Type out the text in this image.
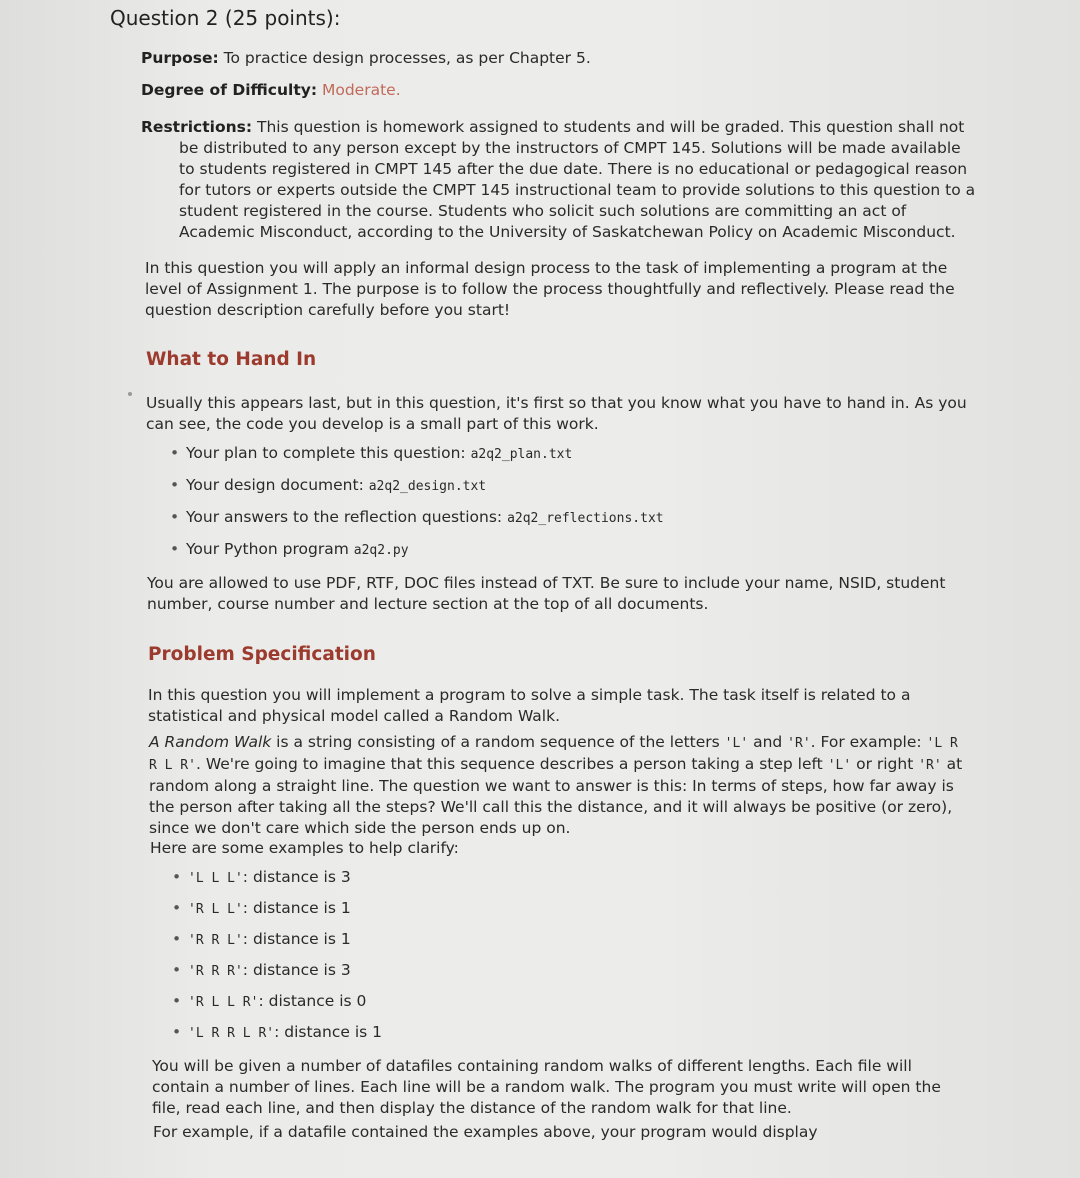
Question 2 (25 points):
Purpose: To practice design processes, as per Chapter 5.
Degree of Difficulty: Moderate.
Restrictions: This question is homework assigned to students and will be graded. This question shall not be distributed to any person except by the instructors of CMPT 145. Solutions will be made available to students registered in CMPT 145 after the due date. There is no educational or pedagogical reason for tutors or experts outside the CMPT 145 instructional team to provide solutions to this question to a student registered in the course. Students who solicit such solutions are committing an act of Academic Misconduct, according to the University of Saskatchewan Policy on Academic Misconduct.
In this question you will apply an informal design process to the task of implementing a program at the level of Assignment 1. The purpose is to follow the process thoughtfully and reflectively. Please read the question description carefully before you start!
What to Hand In
Usually this appears last, but in this question, it's first so that you know what you have to hand in. As you can see, the code you develop is a small part of this work.
• Your plan to complete this question: a2q2_plan.txt
• Your design document: a2q2_design.txt
• Your answers to the reflection questions: a2q2_reflections.txt
• Your Python program a2q2.py
You are allowed to use PDF, RTF, DOC files instead of TXT. Be sure to include your name, NSID, student number, course number and lecture section at the top of all documents.
Problem Specification
In this question you will implement a program to solve a simple task. The task itself is related to a statistical and physical model called a Random Walk.
A Random Walk is a string consisting of a random sequence of the letters 'L' and 'R'. For example: 'L R R L R'. We're going to imagine that this sequence describes a person taking a step left 'L' or right 'R' at random along a straight line. The question we want to answer is this: In terms of steps, how far away is the person after taking all the steps? We'll call this the distance, and it will always be positive (or zero), since we don't care which side the person ends up on.
Here are some examples to help clarify:
• 'L L L': distance is 3
• 'R L L': distance is 1
• 'R R L': distance is 1
• 'R R R': distance is 3
• 'R L L R': distance is 0
• 'L R R L R': distance is 1
You will be given a number of datafiles containing random walks of different lengths. Each file will contain a number of lines. Each line will be a random walk. The program you must write will open the file, read each line, and then display the distance of the random walk for that line.
For example, if a datafile contained the examples above, your program would display
